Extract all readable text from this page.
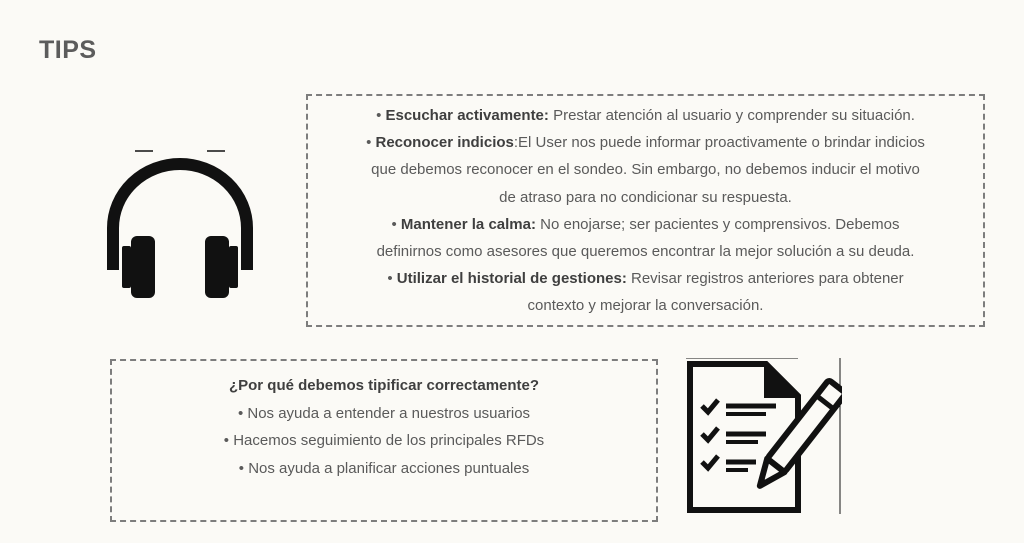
TIPS

• Escuchar activamente: Prestar atención al usuario y comprender su situación.

• Reconocer indicios:El User nos puede informar proactivamente o brindar indicios

que debemos reconocer en el sondeo. Sin embargo, no debemos inducir el motivo

de atraso para no condicionar su respuesta.

• Mantener la calma: No enojarse; ser pacientes y comprensivos. Debemos

definirnos como asesores que queremos encontrar la mejor solución a su deuda.

• Utilizar el historial de gestiones: Revisar registros anteriores para obtener

contexto y mejorar la conversación.

¿Por qué debemos tipificar correctamente?

• Nos ayuda a entender a nuestros usuarios

• Hacemos seguimiento de los principales RFDs

• Nos ayuda a planificar acciones puntuales
